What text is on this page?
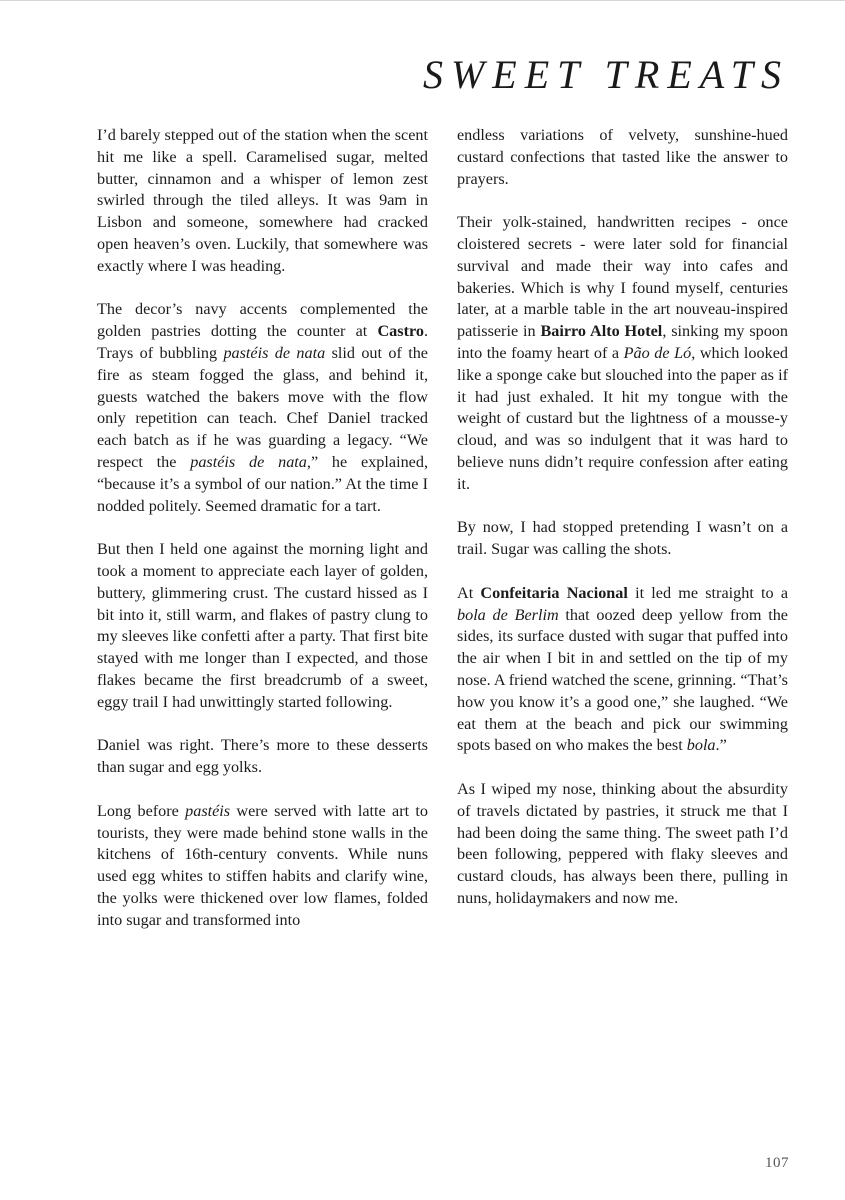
SWEET TREATS

I’d barely stepped out of the station when the scent hit me like a spell. Caramelised sugar, melted butter, cinnamon and a whisper of lemon zest swirled through the tiled alleys. It was 9am in Lisbon and someone, somewhere had cracked open heaven’s oven. Luckily, that somewhere was exactly where I was heading.

The decor’s navy accents complemented the golden pastries dotting the counter at Castro. Trays of bubbling pastéis de nata slid out of the fire as steam fogged the glass, and behind it, guests watched the bakers move with the flow only repetition can teach. Chef Daniel tracked each batch as if he was guarding a legacy. “We respect the pastéis de nata,” he explained, “because it’s a symbol of our nation.” At the time I nodded politely. Seemed dramatic for a tart.

But then I held one against the morning light and took a moment to appreciate each layer of golden, buttery, glimmering crust. The custard hissed as I bit into it, still warm, and flakes of pastry clung to my sleeves like confetti after a party. That first bite stayed with me longer than I expected, and those flakes became the first breadcrumb of a sweet, eggy trail I had unwittingly started following.

Daniel was right. There’s more to these desserts than sugar and egg yolks.

Long before pastéis were served with latte art to tourists, they were made behind stone walls in the kitchens of 16th-century convents. While nuns used egg whites to stiffen habits and clarify wine, the yolks were thickened over low flames, folded into sugar and transformed into

endless variations of velvety, sunshine-hued custard confections that tasted like the answer to prayers.

Their yolk-stained, handwritten recipes - once cloistered secrets - were later sold for financial survival and made their way into cafes and bakeries. Which is why I found myself, centuries later, at a marble table in the art nouveau-inspired patisserie in Bairro Alto Hotel, sinking my spoon into the foamy heart of a Pão de Ló, which looked like a sponge cake but slouched into the paper as if it had just exhaled. It hit my tongue with the weight of custard but the lightness of a mousse-y cloud, and was so indulgent that it was hard to believe nuns didn’t require confession after eating it.

By now, I had stopped pretending I wasn’t on a trail. Sugar was calling the shots.

At Confeitaria Nacional it led me straight to a bola de Berlim that oozed deep yellow from the sides, its surface dusted with sugar that puffed into the air when I bit in and settled on the tip of my nose. A friend watched the scene, grinning. “That’s how you know it’s a good one,” she laughed. “We eat them at the beach and pick our swimming spots based on who makes the best bola.”

As I wiped my nose, thinking about the absurdity of travels dictated by pastries, it struck me that I had been doing the same thing. The sweet path I’d been following, peppered with flaky sleeves and custard clouds, has always been there, pulling in nuns, holidaymakers and now me.

107
